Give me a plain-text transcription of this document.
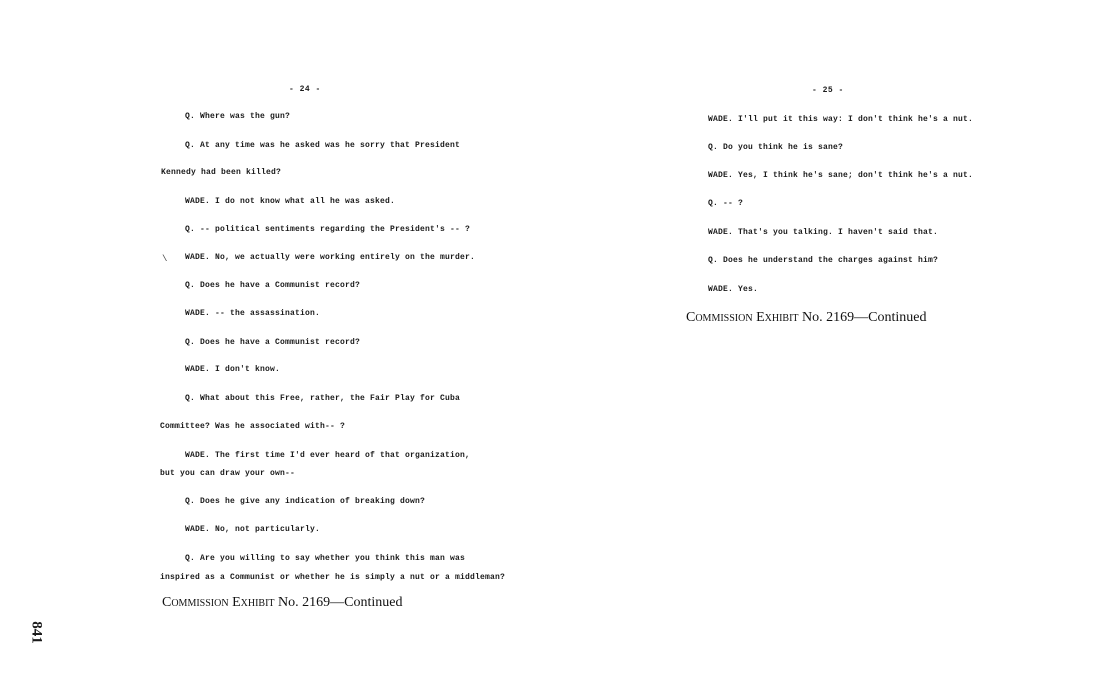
- 24 -
Q. Where was the gun?
Q. At any time was he asked was he sorry that President
Kennedy had been killed?
WADE. I do not know what all he was asked.
Q. -- political sentiments regarding the President's -- ?
\ WADE. No, we actually were working entirely on the murder.
Q. Does he have a Communist record?
WADE. -- the assassination.
Q. Does he have a Communist record?
WADE. I don't know.
Q. What about this Free, rather, the Fair Play for Cuba
Committee? Was he associated with-- ?
WADE. The first time I'd ever heard of that organization,
but you can draw your own--
Q. Does he give any indication of breaking down?
WADE. No, not particularly.
Q. Are you willing to say whether you think this man was
inspired as a Communist or whether he is simply a nut or a middleman?
Commission Exhibit No. 2169—Continued
- 25 -
WADE. I'll put it this way: I don't think he's a nut.
Q. Do you think he is sane?
WADE. Yes, I think he's sane; don't think he's a nut.
Q. -- ?
WADE. That's you talking. I haven't said that.
Q. Does he understand the charges against him?
WADE. Yes.
Commission Exhibit No. 2169—Continued
841
